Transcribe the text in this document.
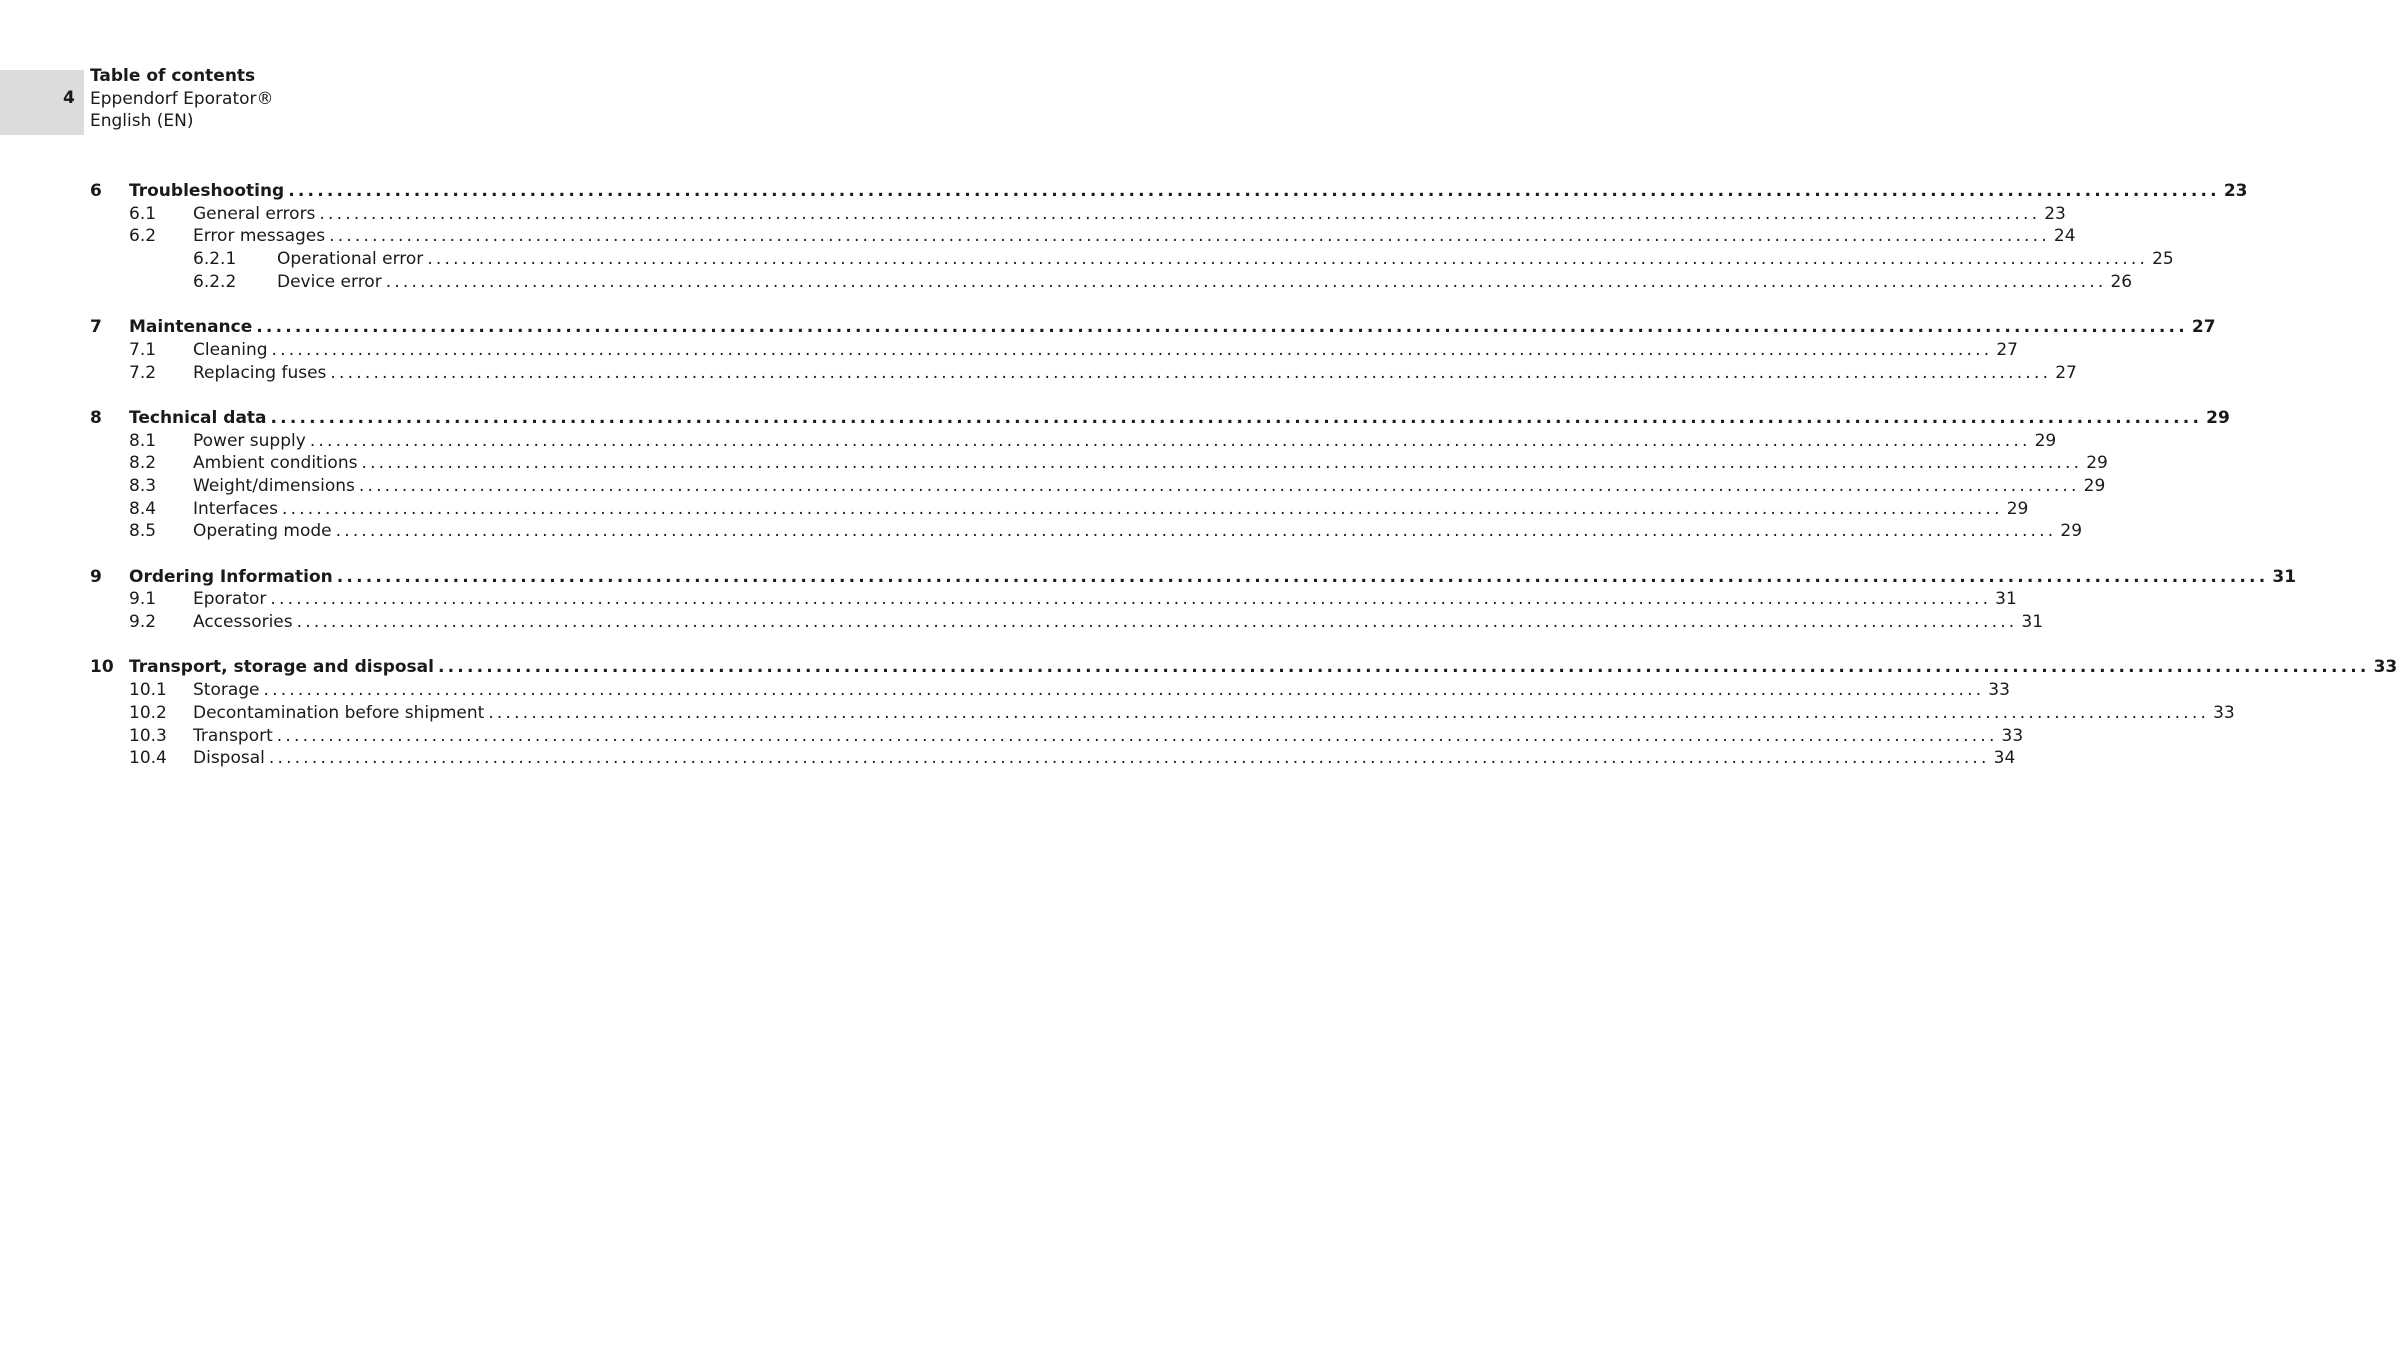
4
Table of contents
Eppendorf Eporator®
English (EN)
6 Troubleshooting ........................................................................................................................................................................................................ 23
6.1 General errors ........................................................................................................................................................................................................ 23
6.2 Error messages ........................................................................................................................................................................................................ 24
6.2.1 Operational error ........................................................................................................................................................................................................ 25
6.2.2 Device error ........................................................................................................................................................................................................ 26
7 Maintenance ........................................................................................................................................................................................................ 27
7.1 Cleaning ........................................................................................................................................................................................................ 27
7.2 Replacing fuses ........................................................................................................................................................................................................ 27
8 Technical data ........................................................................................................................................................................................................ 29
8.1 Power supply ........................................................................................................................................................................................................ 29
8.2 Ambient conditions ........................................................................................................................................................................................................ 29
8.3 Weight/dimensions ........................................................................................................................................................................................................ 29
8.4 Interfaces ........................................................................................................................................................................................................ 29
8.5 Operating mode ........................................................................................................................................................................................................ 29
9 Ordering Information ........................................................................................................................................................................................................ 31
9.1 Eporator ........................................................................................................................................................................................................ 31
9.2 Accessories ........................................................................................................................................................................................................ 31
10 Transport, storage and disposal ........................................................................................................................................................................................................ 33
10.1 Storage ........................................................................................................................................................................................................ 33
10.2 Decontamination before shipment ........................................................................................................................................................................................................ 33
10.3 Transport ........................................................................................................................................................................................................ 33
10.4 Disposal ........................................................................................................................................................................................................ 34
